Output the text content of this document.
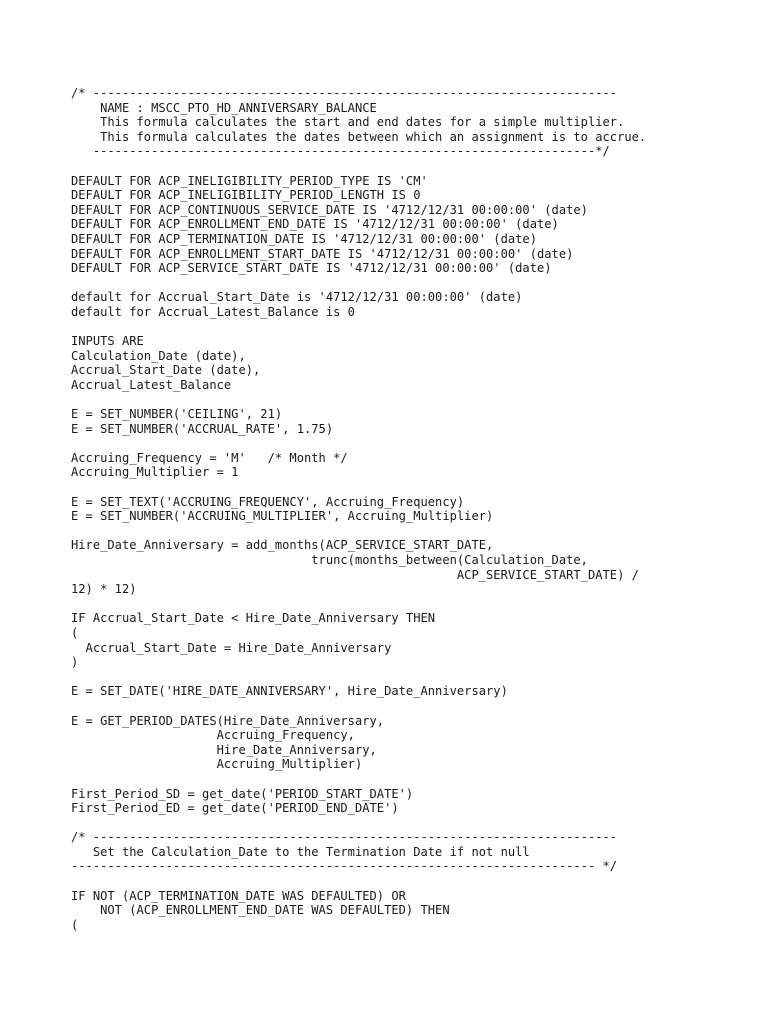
/* ------------------------------------------------------------------------
NAME : MSCC_PTO_HD_ANNIVERSARY_BALANCE
This formula calculates the start and end dates for a simple multiplier.
This formula calculates the dates between which an assignment is to accrue.
---------------------------------------------------------------------*/
DEFAULT FOR ACP_INELIGIBILITY_PERIOD_TYPE IS 'CM'
DEFAULT FOR ACP_INELIGIBILITY_PERIOD_LENGTH IS 0
DEFAULT FOR ACP_CONTINUOUS_SERVICE_DATE IS '4712/12/31 00:00:00' (date)
DEFAULT FOR ACP_ENROLLMENT_END_DATE IS '4712/12/31 00:00:00' (date)
DEFAULT FOR ACP_TERMINATION_DATE IS '4712/12/31 00:00:00' (date)
DEFAULT FOR ACP_ENROLLMENT_START_DATE IS '4712/12/31 00:00:00' (date)
DEFAULT FOR ACP_SERVICE_START_DATE IS '4712/12/31 00:00:00' (date)
default for Accrual_Start_Date is '4712/12/31 00:00:00' (date)
default for Accrual_Latest_Balance is 0
INPUTS ARE
Calculation_Date (date),
Accrual_Start_Date (date),
Accrual_Latest_Balance
E = SET_NUMBER('CEILING', 21)
E = SET_NUMBER('ACCRUAL_RATE', 1.75)
Accruing_Frequency = 'M'   /* Month */
Accruing_Multiplier = 1
E = SET_TEXT('ACCRUING_FREQUENCY', Accruing_Frequency)
E = SET_NUMBER('ACCRUING_MULTIPLIER', Accruing_Multiplier)
Hire_Date_Anniversary = add_months(ACP_SERVICE_START_DATE,
trunc(months_between(Calculation_Date,
ACP_SERVICE_START_DATE) /
12) * 12)
IF Accrual_Start_Date < Hire_Date_Anniversary THEN
(
Accrual_Start_Date = Hire_Date_Anniversary
)
E = SET_DATE('HIRE_DATE_ANNIVERSARY', Hire_Date_Anniversary)
E = GET_PERIOD_DATES(Hire_Date_Anniversary,
Accruing_Frequency,
Hire_Date_Anniversary,
Accruing_Multiplier)
First_Period_SD = get_date('PERIOD_START_DATE')
First_Period_ED = get_date('PERIOD_END_DATE')
/* ------------------------------------------------------------------------
Set the Calculation_Date to the Termination Date if not null
------------------------------------------------------------------------ */
IF NOT (ACP_TERMINATION_DATE WAS DEFAULTED) OR
NOT (ACP_ENROLLMENT_END_DATE WAS DEFAULTED) THEN
(
